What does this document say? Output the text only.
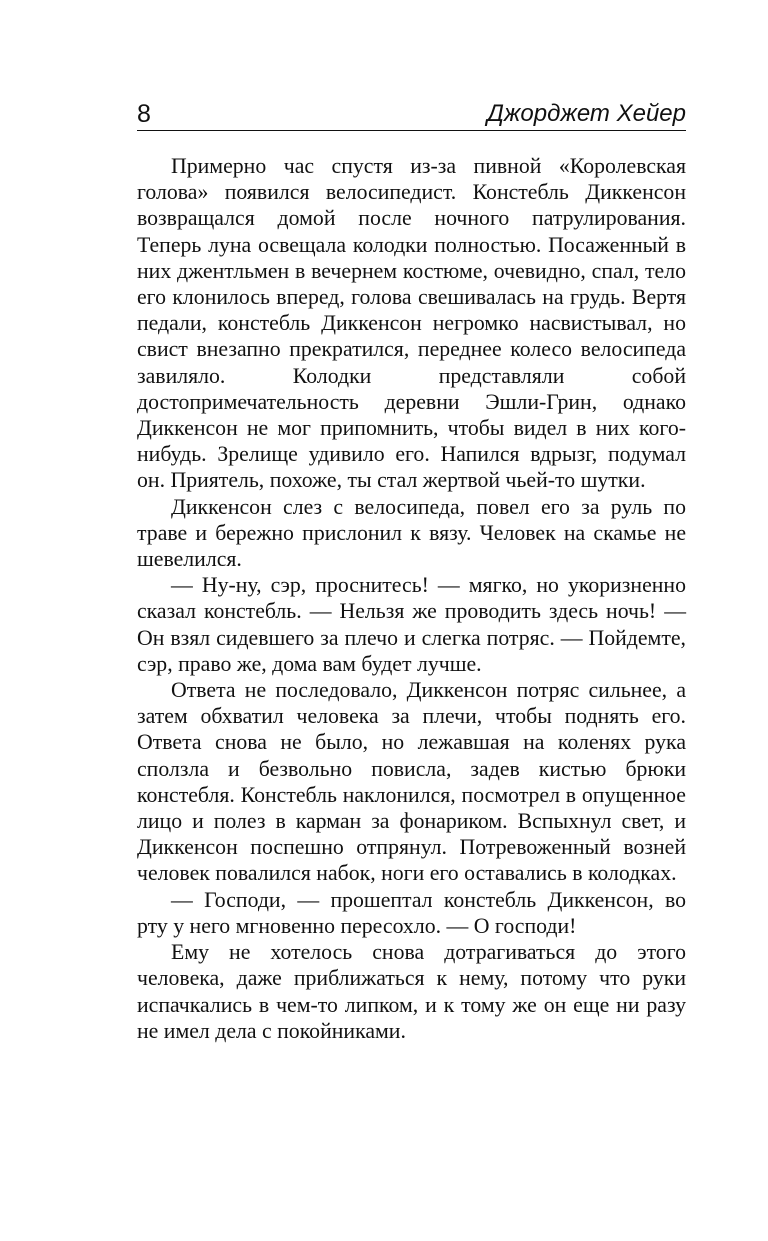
8	Джорджет Хейер

Примерно час спустя из-за пивной «Королевская голова» появился велосипедист. Констебль Диккенсон возвращался домой после ночного патрулирования. Теперь луна освещала колодки полностью. Посаженный в них джентльмен в вечернем костюме, очевидно, спал, тело его клонилось вперед, голова свешивалась на грудь. Вертя педали, констебль Диккенсон негромко насвистывал, но свист внезапно прекратился, переднее колесо велосипеда завиляло. Колодки представляли собой достопримечательность деревни Эшли-Грин, однако Диккенсон не мог припомнить, чтобы видел в них кого-нибудь. Зрелище удивило его. Напился вдрызг, подумал он. Приятель, похоже, ты стал жертвой чьей-то шутки.

Диккенсон слез с велосипеда, повел его за руль по траве и бережно прислонил к вязу. Человек на скамье не шевелился.

— Ну-ну, сэр, проснитесь! — мягко, но укоризненно сказал констебль. — Нельзя же проводить здесь ночь! — Он взял сидевшего за плечо и слегка потряс. — Пойдемте, сэр, право же, дома вам будет лучше.

Ответа не последовало, Диккенсон потряс сильнее, а затем обхватил человека за плечи, чтобы поднять его. Ответа снова не было, но лежавшая на коленях рука сползла и безвольно повисла, задев кистью брюки констебля. Констебль наклонился, посмотрел в опущенное лицо и полез в карман за фонариком. Вспыхнул свет, и Диккенсон поспешно отпрянул. Потревоженный возней человек повалился набок, ноги его оставались в колодках.

— Господи, — прошептал констебль Диккенсон, во рту у него мгновенно пересохло. — О господи!

Ему не хотелось снова дотрагиваться до этого человека, даже приближаться к нему, потому что руки испачкались в чем-то липком, и к тому же он еще ни разу не имел дела с покойниками.
